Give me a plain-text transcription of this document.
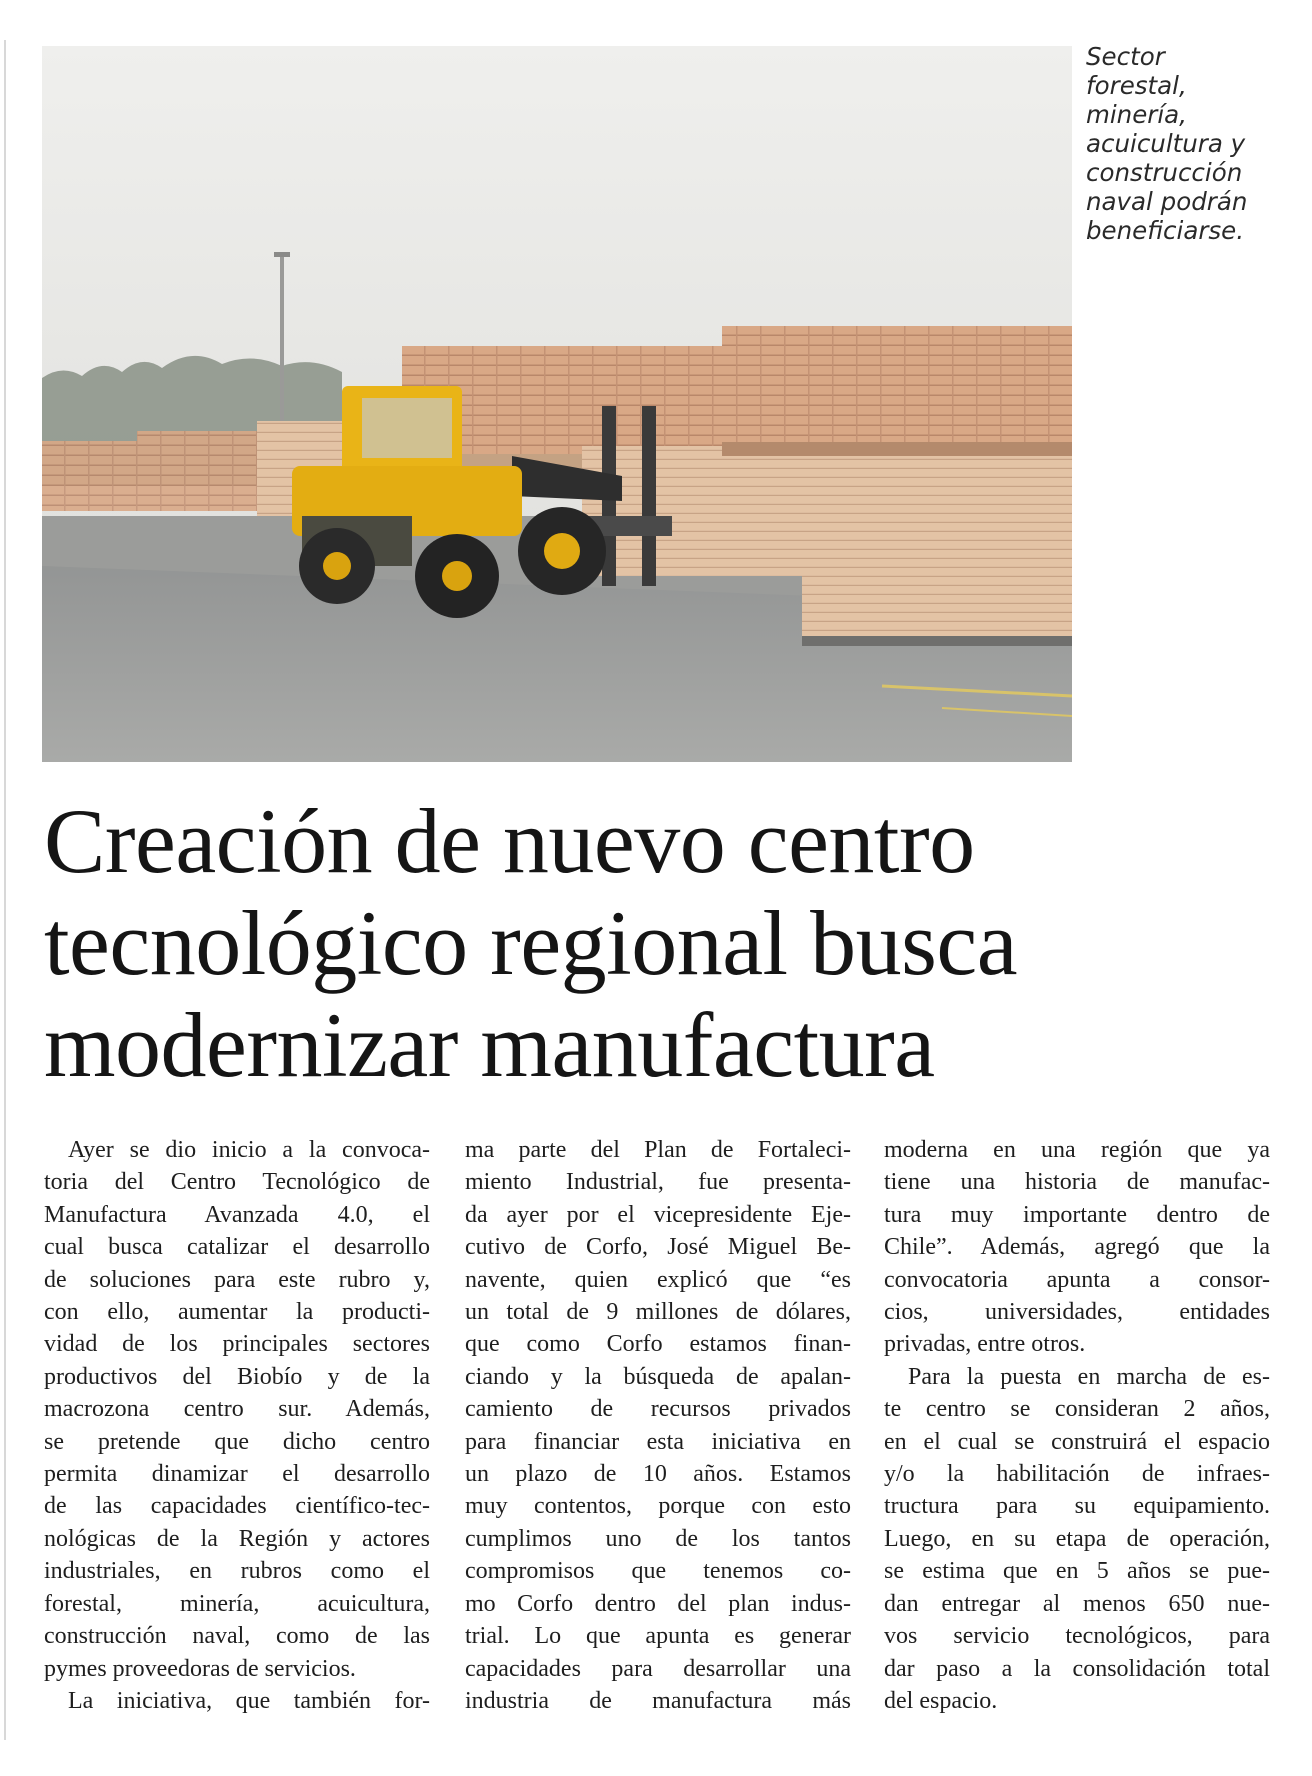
Sector
forestal,
minería,
acuicultura y
construcción
naval podrán
beneficiarse.
Creación de nuevo centro
tecnológico regional busca
modernizar manufactura
Ayer se dio inicio a la convoca-
toria del Centro Tecnológico de
Manufactura Avanzada 4.0, el
cual busca catalizar el desarrollo
de soluciones para este rubro y,
con ello, aumentar la producti-
vidad de los principales sectores
productivos del Biobío y de la
macrozona centro sur. Además,
se pretende que dicho centro
permita dinamizar el desarrollo
de las capacidades científico-tec-
nológicas de la Región y actores
industriales, en rubros como el
forestal, minería, acuicultura,
construcción naval, como de las
pymes proveedoras de servicios.
La iniciativa, que también for-
ma parte del Plan de Fortaleci-
miento Industrial, fue presenta-
da ayer por el vicepresidente Eje-
cutivo de Corfo, José Miguel Be-
navente, quien explicó que “es
un total de 9 millones de dólares,
que como Corfo estamos finan-
ciando y la búsqueda de apalan-
camiento de recursos privados
para financiar esta iniciativa en
un plazo de 10 años. Estamos
muy contentos, porque con esto
cumplimos uno de los tantos
compromisos que tenemos co-
mo Corfo dentro del plan indus-
trial. Lo que apunta es generar
capacidades para desarrollar una
industria de manufactura más
moderna en una región que ya
tiene una historia de manufac-
tura muy importante dentro de
Chile”. Además, agregó que la
convocatoria apunta a consor-
cios, universidades, entidades
privadas, entre otros.
Para la puesta en marcha de es-
te centro se consideran 2 años,
en el cual se construirá el espacio
y/o la habilitación de infraes-
tructura para su equipamiento.
Luego, en su etapa de operación,
se estima que en 5 años se pue-
dan entregar al menos 650 nue-
vos servicio tecnológicos, para
dar paso a la consolidación total
del espacio.
